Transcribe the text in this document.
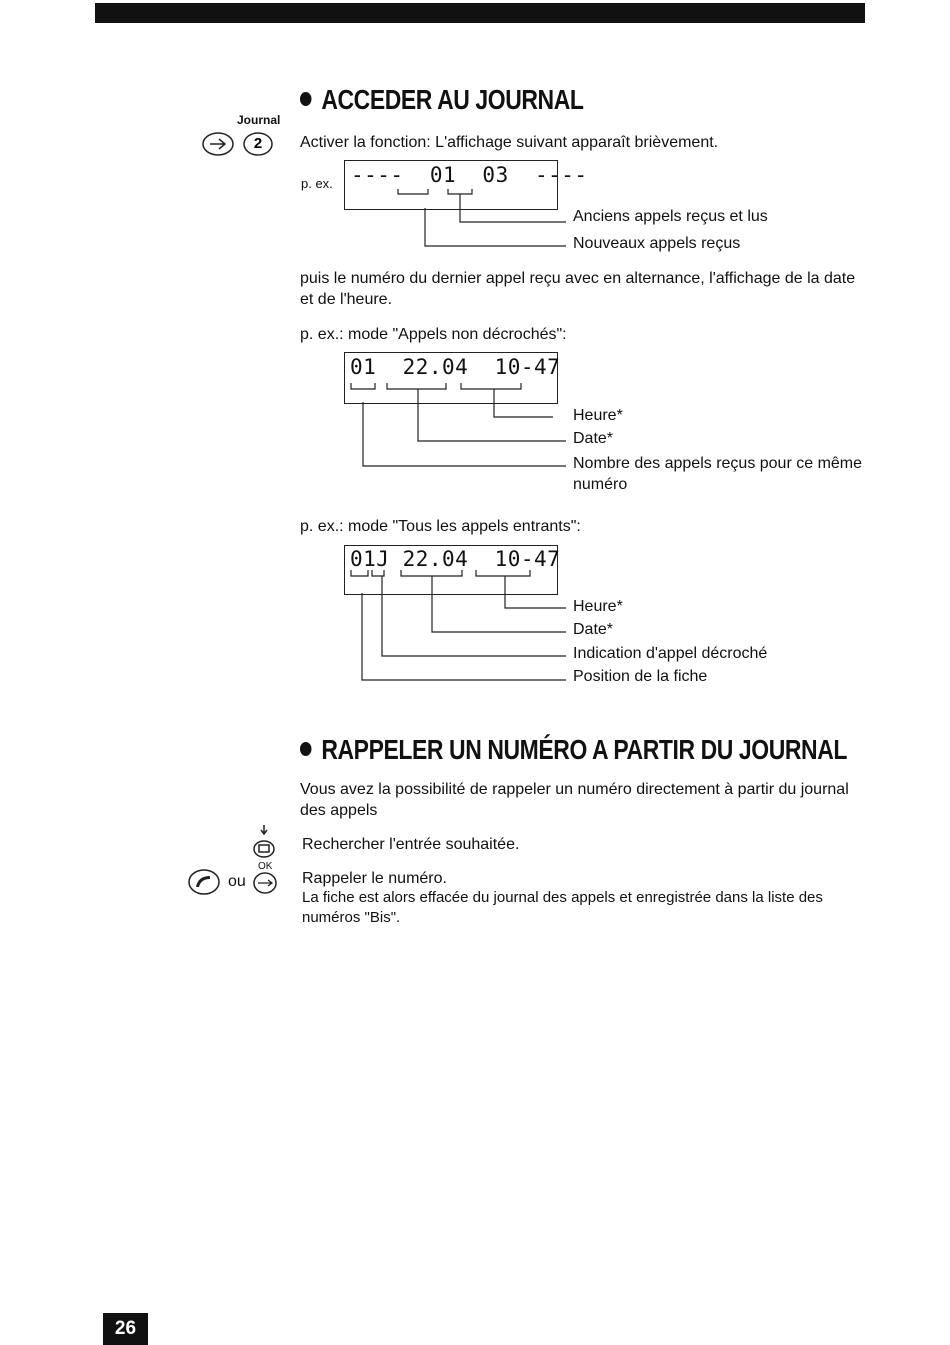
ACCEDER AU JOURNAL
Journal
2 Activer la fonction: L'affichage suivant apparaît brièvement.
p. ex. ----  01  03  ----
Anciens appels reçus et lus
Nouveaux appels reçus
puis le numéro du dernier appel reçu avec en alternance, l'affichage de la date et de l'heure.
p. ex.: mode "Appels non décrochés":
01  22.04  10-47
Heure*
Date*
Nombre des appels reçus pour ce même numéro
p. ex.: mode "Tous les appels entrants":
01J 22.04  10-47
Heure*
Date*
Indication d'appel décroché
Position de la fiche
RAPPELER UN NUMÉRO A PARTIR DU JOURNAL
Vous avez la possibilité de rappeler un numéro directement à partir du journal des appels
Rechercher l'entrée souhaitée.
ou
OK
Rappeler le numéro.
La fiche est alors effacée du journal des appels et enregistrée dans la liste des numéros "Bis".
26
